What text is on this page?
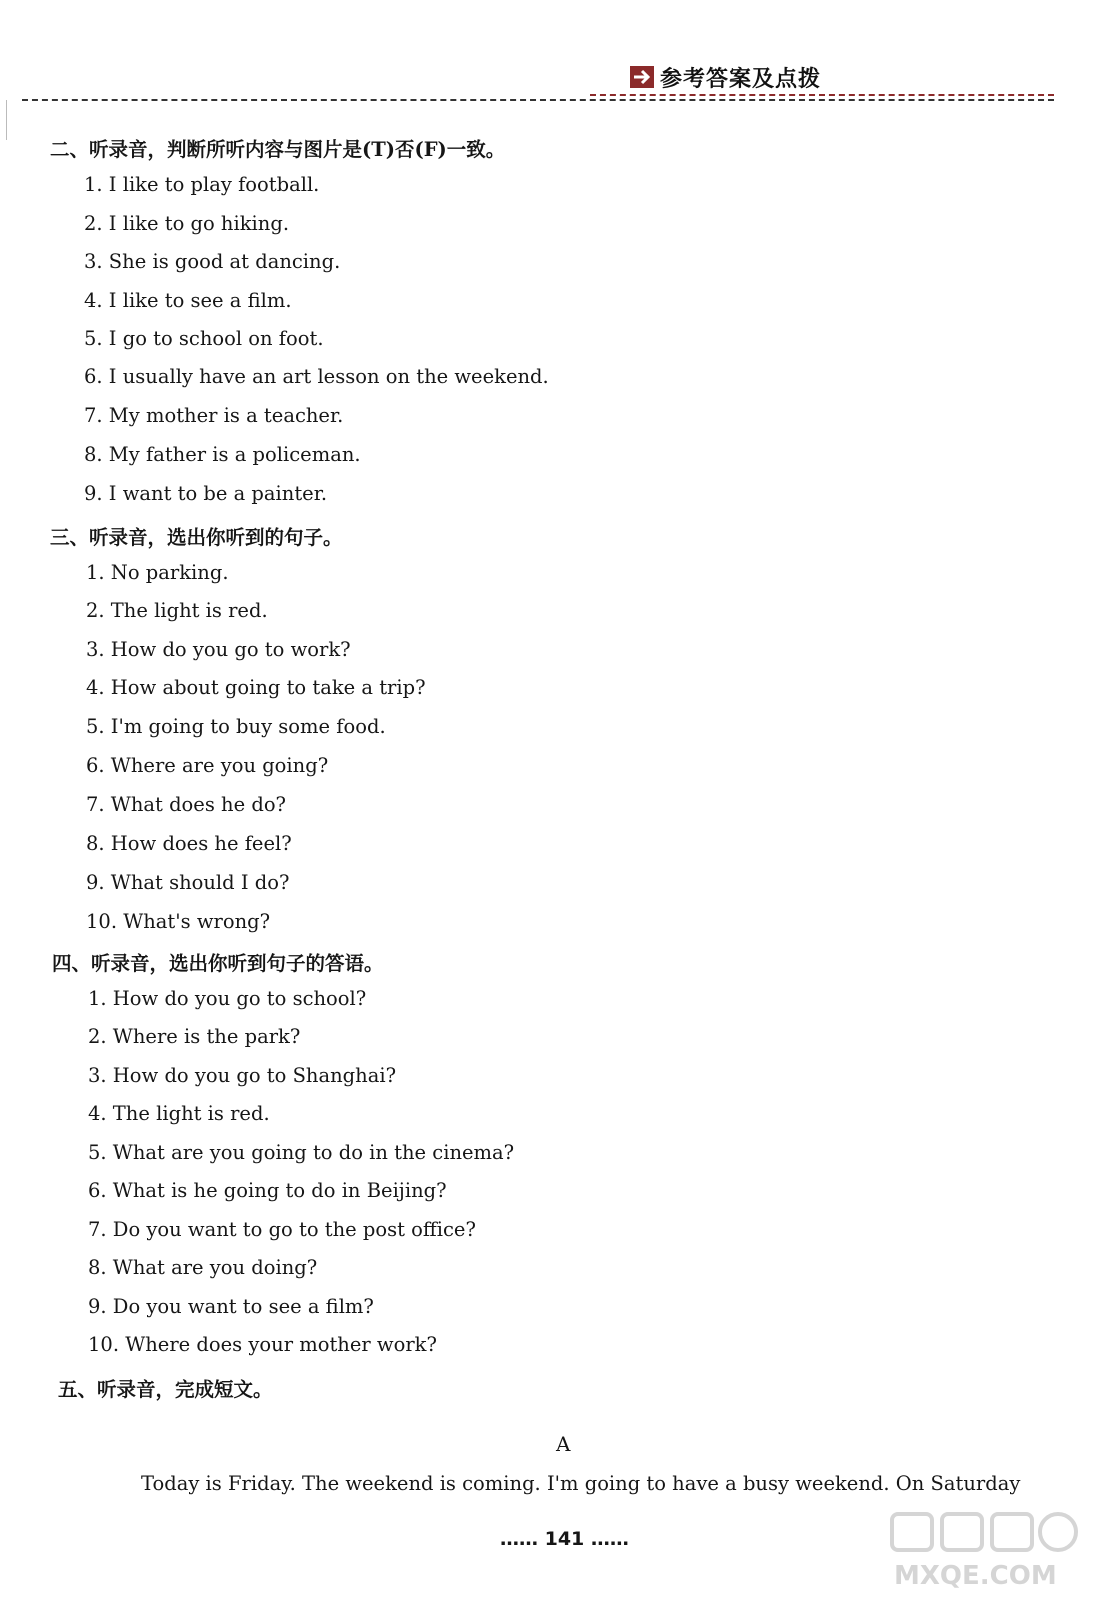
参考答案及点拨
二、听录音，判断所听内容与图片是(T)否(F)一致。
1. I like to play football.
2. I like to go hiking.
3. She is good at dancing.
4. I like to see a film.
5. I go to school on foot.
6. I usually have an art lesson on the weekend.
7. My mother is a teacher.
8. My father is a policeman.
9. I want to be a painter.
三、听录音，选出你听到的句子。
1. No parking.
2. The light is red.
3. How do you go to work?
4. How about going to take a trip?
5. I'm going to buy some food.
6. Where are you going?
7. What does he do?
8. How does he feel?
9. What should I do?
10. What's wrong?
四、听录音，选出你听到句子的答语。
1. How do you go to school?
2. Where is the park?
3. How do you go to Shanghai?
4. The light is red.
5. What are you going to do in the cinema?
6. What is he going to do in Beijing?
7. Do you want to go to the post office?
8. What are you doing?
9. Do you want to see a film?
10. Where does your mother work?
五、听录音，完成短文。
A
Today is Friday. The weekend is coming. I'm going to have a busy weekend. On Saturday
…… 141 ……
MXQE.COM
